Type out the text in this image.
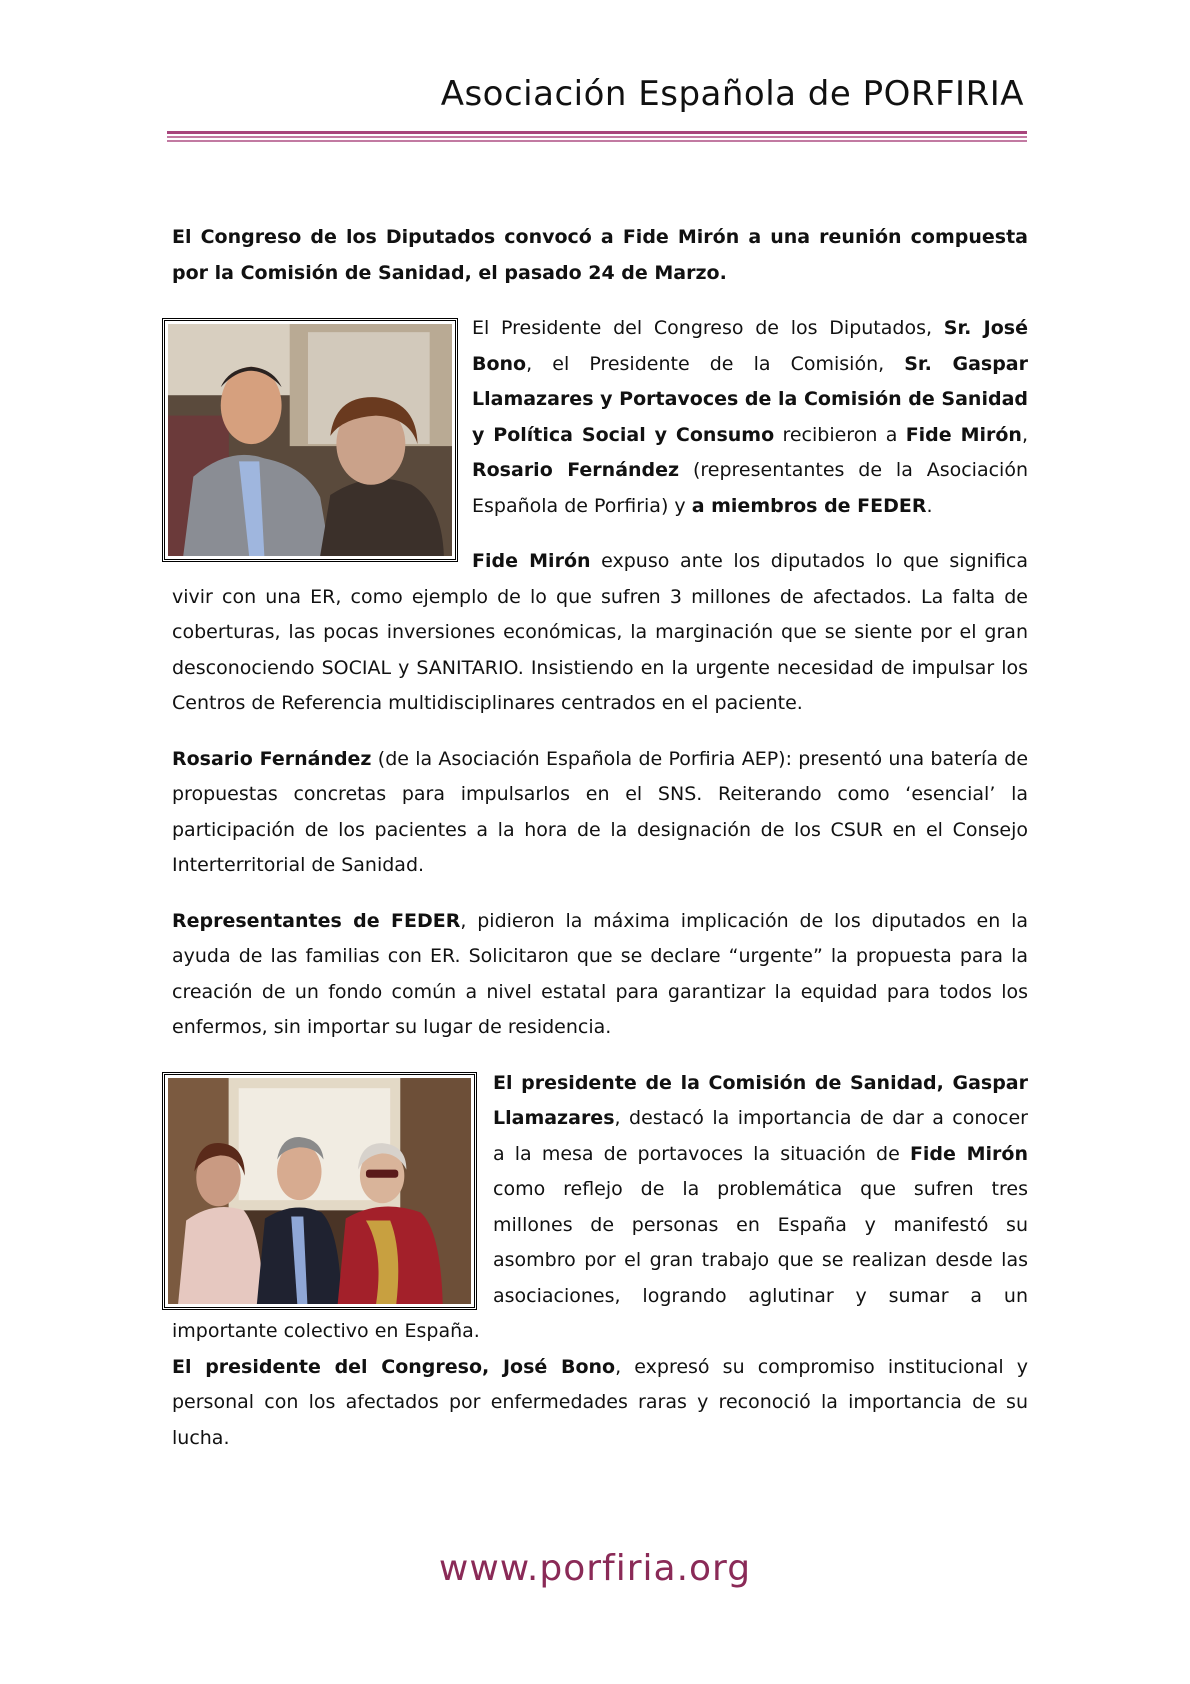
Asociación Española de PORFIRIA

El Congreso de los Diputados convocó a Fide Mirón a una reunión compuesta por la Comisión de Sanidad, el pasado 24 de Marzo.

El Presidente del Congreso de los Diputados, Sr. José Bono, el Presidente de la Comisión, Sr. Gaspar Llamazares y Portavoces de la Comisión de Sanidad y Política Social y Consumo recibieron a Fide Mirón, Rosario Fernández (representantes de la Asociación Española de Porfiria) y a miembros de FEDER.

Fide Mirón expuso ante los diputados lo que significa vivir con una ER, como ejemplo de lo que sufren 3 millones de afectados. La falta de coberturas, las pocas inversiones económicas, la marginación que se siente por el gran desconociendo SOCIAL y SANITARIO. Insistiendo en la urgente necesidad de impulsar los Centros de Referencia multidisciplinares centrados en el paciente.

Rosario Fernández (de la Asociación Española de Porfiria AEP): presentó una batería de propuestas concretas para impulsarlos en el SNS. Reiterando como ‘esencial’ la participación de los pacientes a la hora de la designación de los CSUR en el Consejo Interterritorial de Sanidad.

Representantes de FEDER, pidieron la máxima implicación de los diputados en la ayuda de las familias con ER. Solicitaron que se declare “urgente” la propuesta para la creación de un fondo común a nivel estatal para garantizar la equidad para todos los enfermos, sin importar su lugar de residencia.

El presidente de la Comisión de Sanidad, Gaspar Llamazares, destacó la importancia de dar a conocer a la mesa de portavoces la situación de Fide Mirón como reflejo de la problemática que sufren tres millones de personas en España y manifestó su asombro por el gran trabajo que se realizan desde las asociaciones, logrando aglutinar y sumar a un importante colectivo en España.

El presidente del Congreso, José Bono, expresó su compromiso institucional y personal con los afectados por enfermedades raras y reconoció la importancia de su lucha.

www.porfiria.org
